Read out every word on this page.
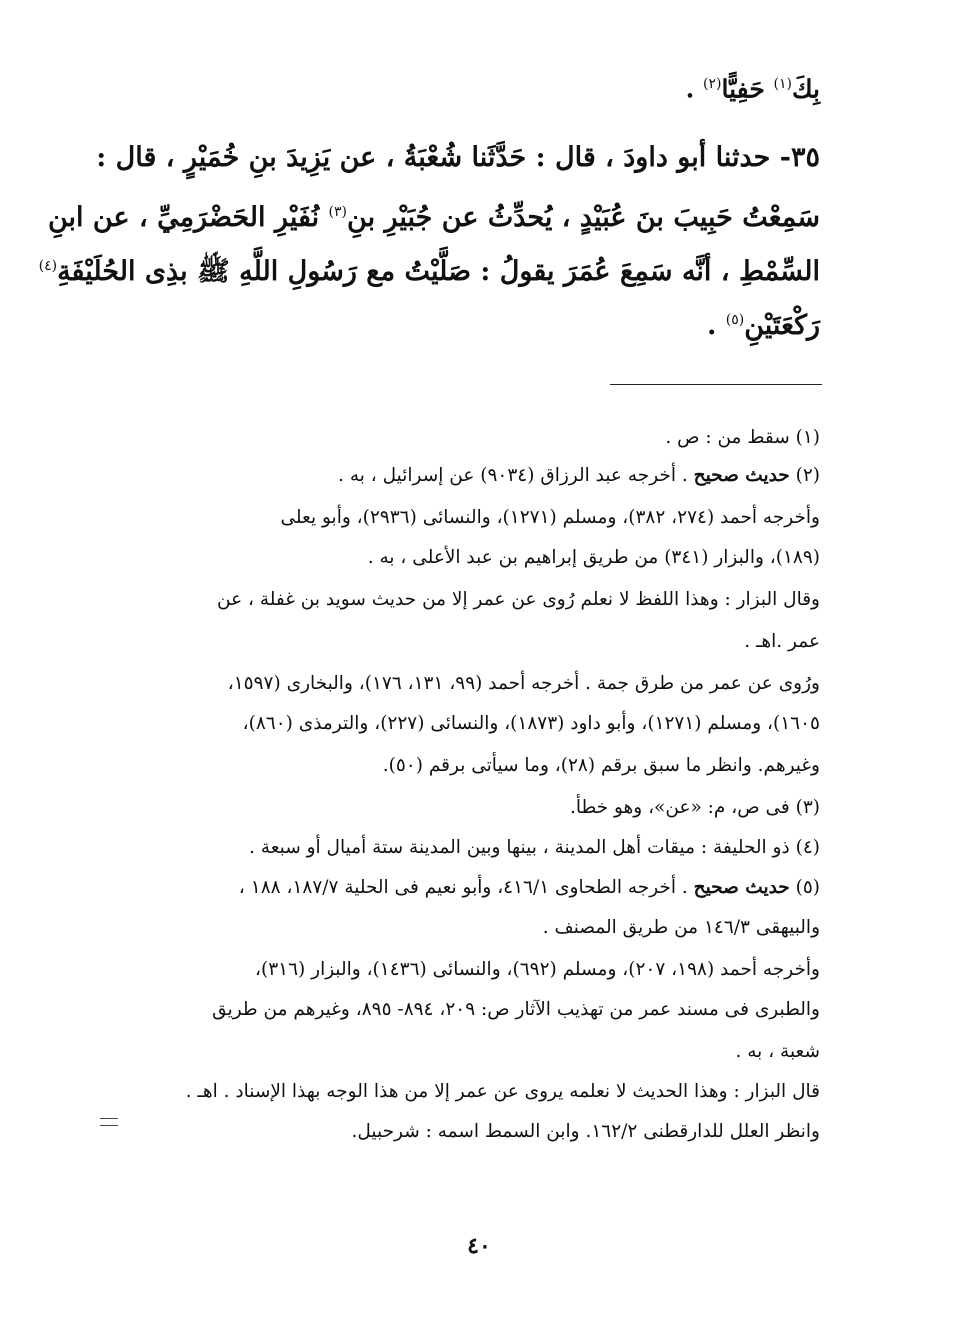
بِكَ$^{(١)}$ حَفِيًّا$^{(٢)}$ .
٣٥- حدثنا أبو داودَ ، قال : حَدَّثَنا شُعْبَةُ ، عن يَزِيدَ بنِ خُمَيْرٍ ، قال :
سَمِعْتُ حَبِيبَ بنَ عُبَيْدٍ ، يُحدِّثُ عن جُبَيْرِ بنِ$^{(٣)}$ نُفَيْرِ الحَضْرَمِيِّ ، عن ابنِ
السِّمْطِ ، أنَّه سَمِعَ عُمَرَ يقولُ : صَلَّيْتُ مع رَسُولِ اللَّهِ ﷺ بذِى الحُلَيْفَةِ$^{(٤)}$
رَكْعَتَيْنِ$^{(٥)}$ .
(١) سقط من : ص .
(٢) حديث صحيح . أخرجه عبد الرزاق (٩٠٣٤) عن إسرائيل ، به .
وأخرجه أحمد (٢٧٤، ٣٨٢)، ومسلم (١٢٧١)، والنسائى (٢٩٣٦)، وأبو يعلى
(١٨٩)، والبزار (٣٤١) من طريق إبراهيم بن عبد الأعلى ، به .
وقال البزار : وهذا اللفظ لا نعلم رُوى عن عمر إلا من حديث سويد بن غفلة ، عن
عمر .اهـ .
ورُوى عن عمر من طرق جمة . أخرجه أحمد (٩٩، ١٣١، ١٧٦)، والبخارى (١٥٩٧،
١٦٠٥)، ومسلم (١٢٧١)، وأبو داود (١٨٧٣)، والنسائى (٢٢٧)، والترمذى (٨٦٠)،
وغيرهم. وانظر ما سبق برقم (٢٨)، وما سيأتى برقم (٥٠).
(٣) فى ص، م: «عن»، وهو خطأ.
(٤) ذو الحليفة : ميقات أهل المدينة ، بينها وبين المدينة ستة أميال أو سبعة .
(٥) حديث صحيح . أخرجه الطحاوى ٤١٦/١، وأبو نعيم فى الحلية ١٨٧/٧، ١٨٨ ،
والبيهقى ١٤٦/٣ من طريق المصنف .
وأخرجه أحمد (١٩٨، ٢٠٧)، ومسلم (٦٩٢)، والنسائى (١٤٣٦)، والبزار (٣١٦)،
والطبرى فى مسند عمر من تهذيب الآثار ص: ٢٠٩، ٨٩٤- ٨٩٥، وغيرهم من طريق
شعبة ، به .
قال البزار : وهذا الحديث لا نعلمه يروى عن عمر إلا من هذا الوجه بهذا الإسناد . اهـ .
وانظر العلل للدارقطنى ١٦٢/٢. وابن السمط اسمه : شرحبيل.
٤٠
